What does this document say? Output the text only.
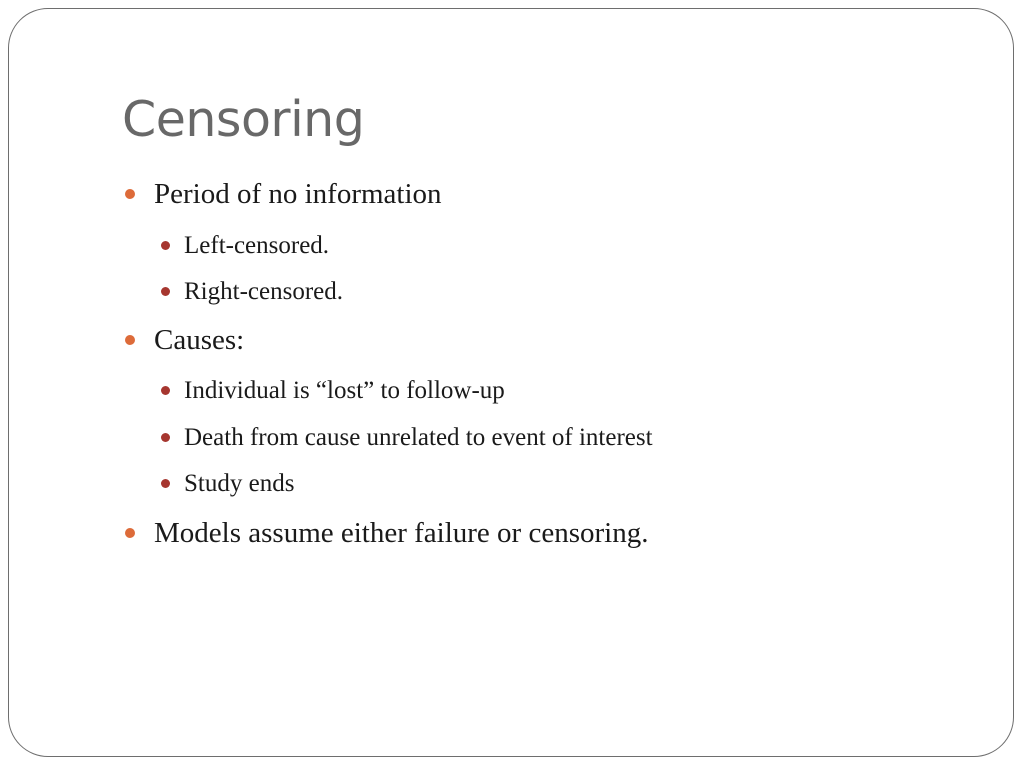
Censoring
Period of no information
Left-censored.
Right-censored.
Causes:
Individual is “lost” to follow-up
Death from cause unrelated to event of interest
Study ends
Models assume either failure or censoring.
